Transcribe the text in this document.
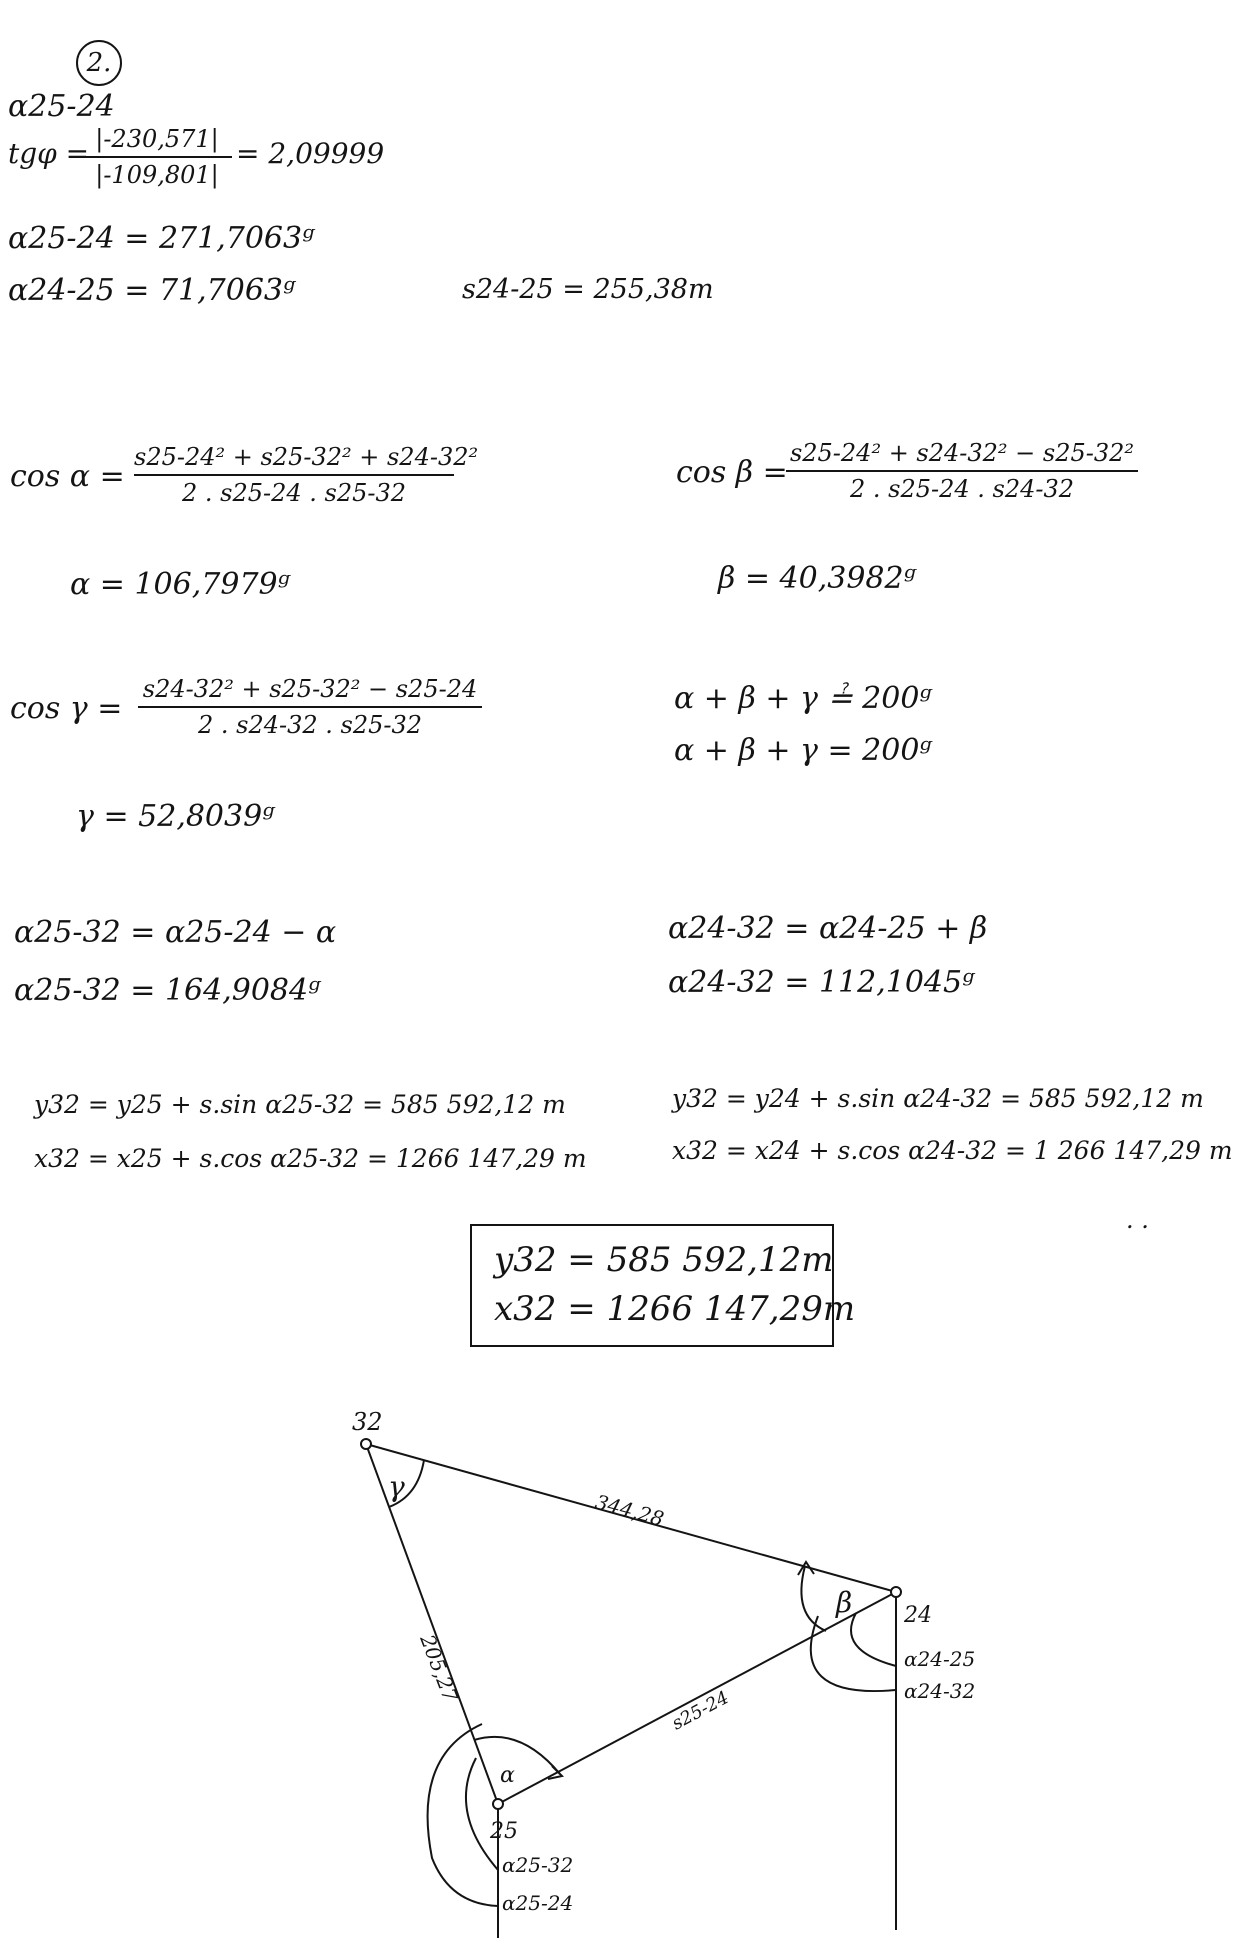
2.
α25-24
tgφ = |-230,571|
|-109,801|
= 2,09999
α25-24 = 271,7063ᵍ
α24-25 = 71,7063ᵍ	s24-25 = 255,38m
cos α =
s25-24² + s25-32² + s24-32²
2 . s25-24 . s25-32
α = 106,7979ᵍ
cos β =
s25-24² + s24-32² − s25-32²
2 . s25-24 . s24-32
β = 40,3982ᵍ
cos γ =
s24-32² + s25-32² − s25-24
2 . s24-32 . s25-32
γ = 52,8039ᵍ
α + β + γ ≟ 200ᵍ
α + β + γ = 200ᵍ
α25-32 = α25-24 − α
α25-32 = 164,9084ᵍ
α24-32 = α24-25 + β
α24-32 = 112,1045ᵍ
y32 = y25 + s.sin α25-32 = 585 592,12 m
x32 = x25 + s.cos α25-32 = 1266 147,29 m
y32 = y24 + s.sin α24-32 = 585 592,12 m
x32 = x24 + s.cos α24-32 = 1 266 147,29 m
. .
y32 = 585 592,12m
x32 = 1266 147,29m
32
24
25
344,28
205,27
s25-24
γ
β
α
α24-25
α24-32
α25-32
α25-24
